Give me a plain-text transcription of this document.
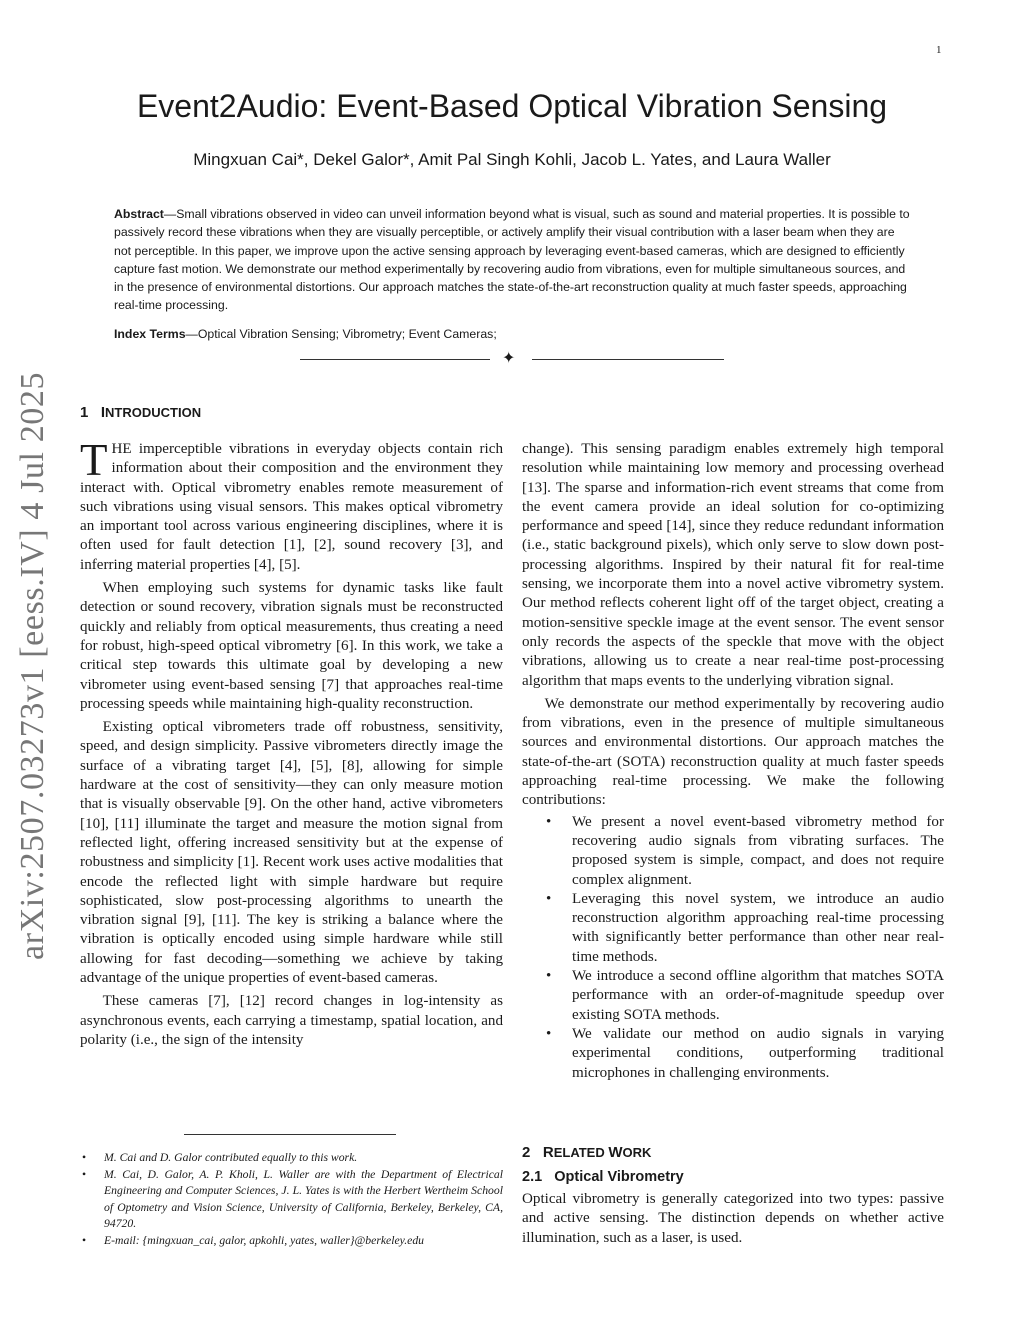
1
arXiv:2507.03273v1 [eess.IV] 4 Jul 2025
Event2Audio: Event-Based Optical Vibration Sensing
Mingxuan Cai*, Dekel Galor*, Amit Pal Singh Kohli, Jacob L. Yates, and Laura Waller
Abstract—Small vibrations observed in video can unveil information beyond what is visual, such as sound and material properties. It is possible to passively record these vibrations when they are visually perceptible, or actively amplify their visual contribution with a laser beam when they are not perceptible. In this paper, we improve upon the active sensing approach by leveraging event-based cameras, which are designed to efficiently capture fast motion. We demonstrate our method experimentally by recovering audio from vibrations, even for multiple simultaneous sources, and in the presence of environmental distortions. Our approach matches the state-of-the-art reconstruction quality at much faster speeds, approaching real-time processing.
Index Terms—Optical Vibration Sensing; Vibrometry; Event Cameras;
✦
1 INTRODUCTION

THE imperceptible vibrations in everyday objects contain rich information about their composition and the environment they interact with. Optical vibrometry enables remote measurement of such vibrations using visual sensors. This makes optical vibrometry an important tool across various engineering disciplines, where it is often used for fault detection [1], [2], sound recovery [3], and inferring material properties [4], [5].

When employing such systems for dynamic tasks like fault detection or sound recovery, vibration signals must be reconstructed quickly and reliably from optical measurements, thus creating a need for robust, high-speed optical vibrometry [6]. In this work, we take a critical step towards this ultimate goal by developing a new vibrometer using event-based sensing [7] that approaches real-time processing speeds while maintaining high-quality reconstruction.

Existing optical vibrometers trade off robustness, sensitivity, speed, and design simplicity. Passive vibrometers directly image the surface of a vibrating target [4], [5], [8], allowing for simple hardware at the cost of sensitivity—they can only measure motion that is visually observable [9]. On the other hand, active vibrometers [10], [11] illuminate the target and measure the motion signal from reflected light, offering increased sensitivity but at the expense of robustness and simplicity [1]. Recent work uses active modalities that encode the reflected light with simple hardware but require sophisticated, slow post-processing algorithms to unearth the vibration signal [9], [11]. The key is striking a balance where the vibration is optically encoded using simple hardware while still allowing for fast decoding—something we achieve by taking advantage of the unique properties of event-based cameras.

These cameras [7], [12] record changes in log-intensity as asynchronous events, each carrying a timestamp, spatial location, and polarity (i.e., the sign of the intensity

• M. Cai and D. Galor contributed equally to this work.
• M. Cai, D. Galor, A. P. Kholi, L. Waller are with the Department of Electrical Engineering and Computer Sciences, J. L. Yates is with the Herbert Wertheim School of Optometry and Vision Science, University of California, Berkeley, Berkeley, CA, 94720.
• E-mail: {mingxuan_cai, galor, apkohli, yates, waller}@berkeley.edu

change). This sensing paradigm enables extremely high temporal resolution while maintaining low memory and processing overhead [13]. The sparse and information-rich event streams that come from the event camera provide an ideal solution for co-optimizing performance and speed [14], since they reduce redundant information (i.e., static background pixels), which only serve to slow down post-processing algorithms. Inspired by their natural fit for real-time sensing, we incorporate them into a novel active vibrometry system. Our method reflects coherent light off of the target object, creating a motion-sensitive speckle image at the event sensor. The event sensor only records the aspects of the speckle that move with the object vibrations, allowing us to create a near real-time post-processing algorithm that maps events to the underlying vibration signal.

We demonstrate our method experimentally by recovering audio from vibrations, even in the presence of multiple simultaneous sources and environmental distortions. Our approach matches the state-of-the-art (SOTA) reconstruction quality at much faster speeds approaching real-time processing. We make the following contributions:

• We present a novel event-based vibrometry method for recovering audio signals from vibrating surfaces. The proposed system is simple, compact, and does not require complex alignment.
• Leveraging this novel system, we introduce an audio reconstruction algorithm approaching real-time processing with significantly better performance than other near real-time methods.
• We introduce a second offline algorithm that matches SOTA performance with an order-of-magnitude speedup over existing SOTA methods.
• We validate our method on audio signals in varying experimental conditions, outperforming traditional microphones in challenging environments.
2 RELATED WORK
2.1 Optical Vibrometry

Optical vibrometry is generally categorized into two types: passive and active sensing. The distinction depends on whether active illumination, such as a laser, is used.
